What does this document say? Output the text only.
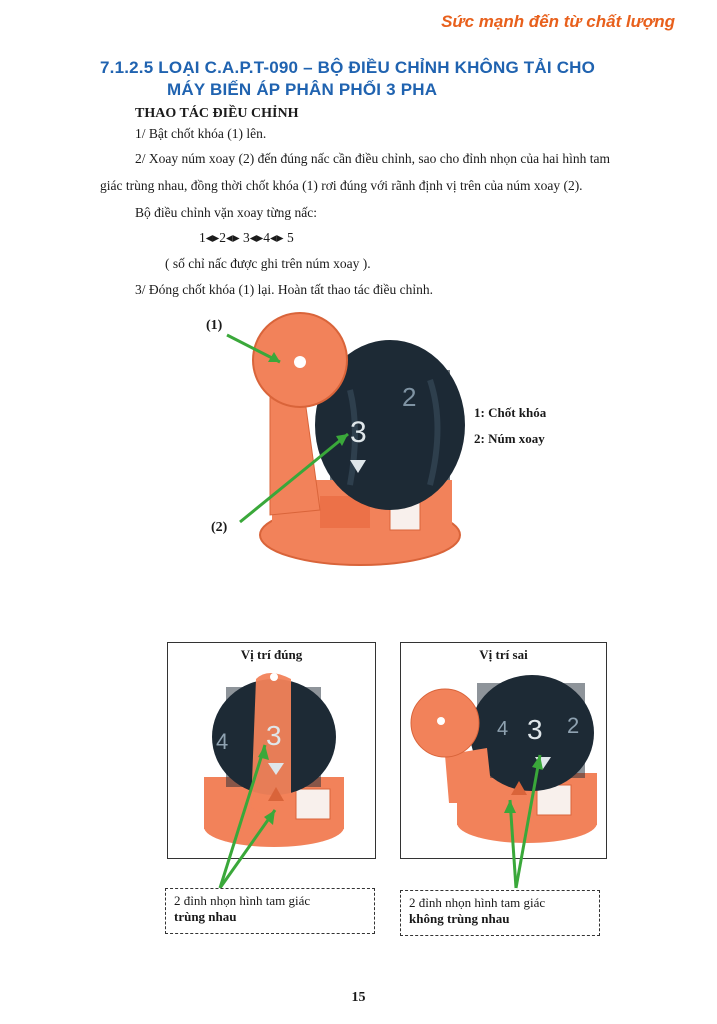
Sức mạnh đến từ chất lượng
7.1.2.5 LOẠI C.A.P.T-090 – BỘ ĐIỀU CHỈNH KHÔNG TẢI CHO
MÁY BIẾN ÁP PHÂN PHỐI 3 PHA
THAO TÁC ĐIỀU CHỈNH
1/ Bật chốt khóa (1) lên.
2/ Xoay núm xoay (2) đến đúng nấc cần điều chỉnh, sao cho đỉnh nhọn của hai hình tam
giác trùng nhau, đồng thời chốt khóa (1) rơi đúng với rãnh định vị trên của núm xoay (2).
Bộ điều chỉnh vặn xoay từng nấc:
1◂▸2◂▸ 3◂▸4◂▸ 5
( số chỉ nấc được ghi trên núm xoay ).
3/ Đóng chốt khóa (1) lại. Hoàn tất thao tác điều chỉnh.
3
2
(1)
(2)
1: Chốt khóa
2: Núm xoay
Vị trí đúng
4 3
Vị trí sai
4 3 2
2 đỉnh nhọn hình tam giác
trùng nhau
2 đỉnh nhọn hình tam giác
không trùng nhau
15
